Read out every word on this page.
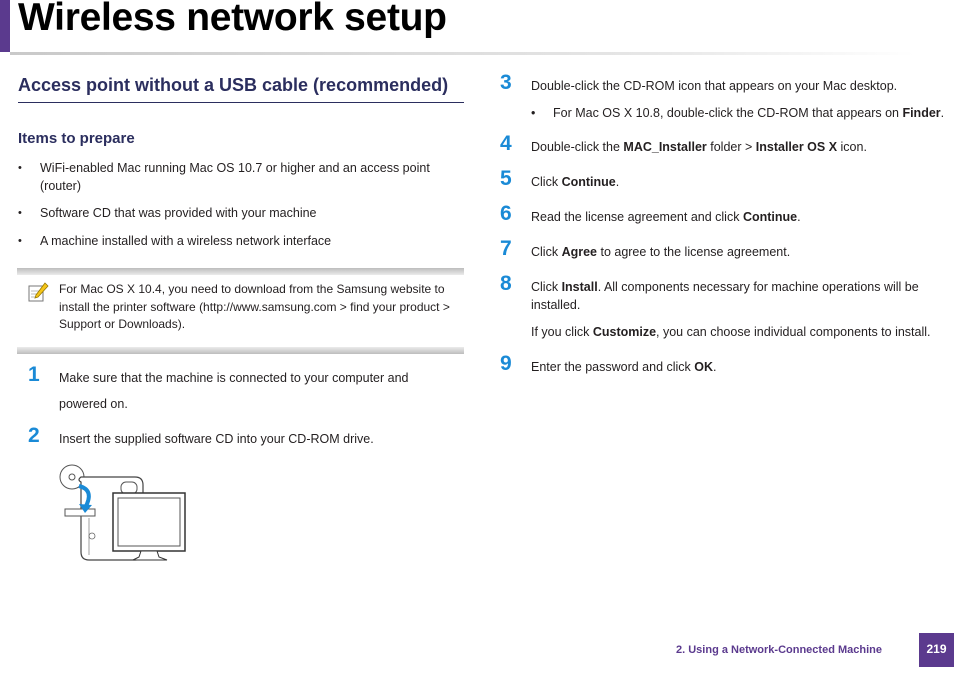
Wireless network setup
Access point without a USB cable (recommended)
Items to prepare
• WiFi-enabled Mac running Mac OS 10.7 or higher and an access point (router)
• Software CD that was provided with your machine
• A machine installed with a wireless network interface
For Mac OS X 10.4, you need to download from the Samsung website to install the printer software (http://www.samsung.com > find your product > Support or Downloads).
1 Make sure that the machine is connected to your computer and
powered on.
2 Insert the supplied software CD into your CD-ROM drive.
3 Double-click the CD-ROM icon that appears on your Mac desktop.
• For Mac OS X 10.8, double-click the CD-ROM that appears on Finder.
4 Double-click the MAC_Installer folder > Installer OS X icon.
5 Click Continue.
6 Read the license agreement and click Continue.
7 Click Agree to agree to the license agreement.
8 Click Install. All components necessary for machine operations will be installed.
If you click Customize, you can choose individual components to install.
9 Enter the password and click OK.
2. Using a Network-Connected Machine	219
